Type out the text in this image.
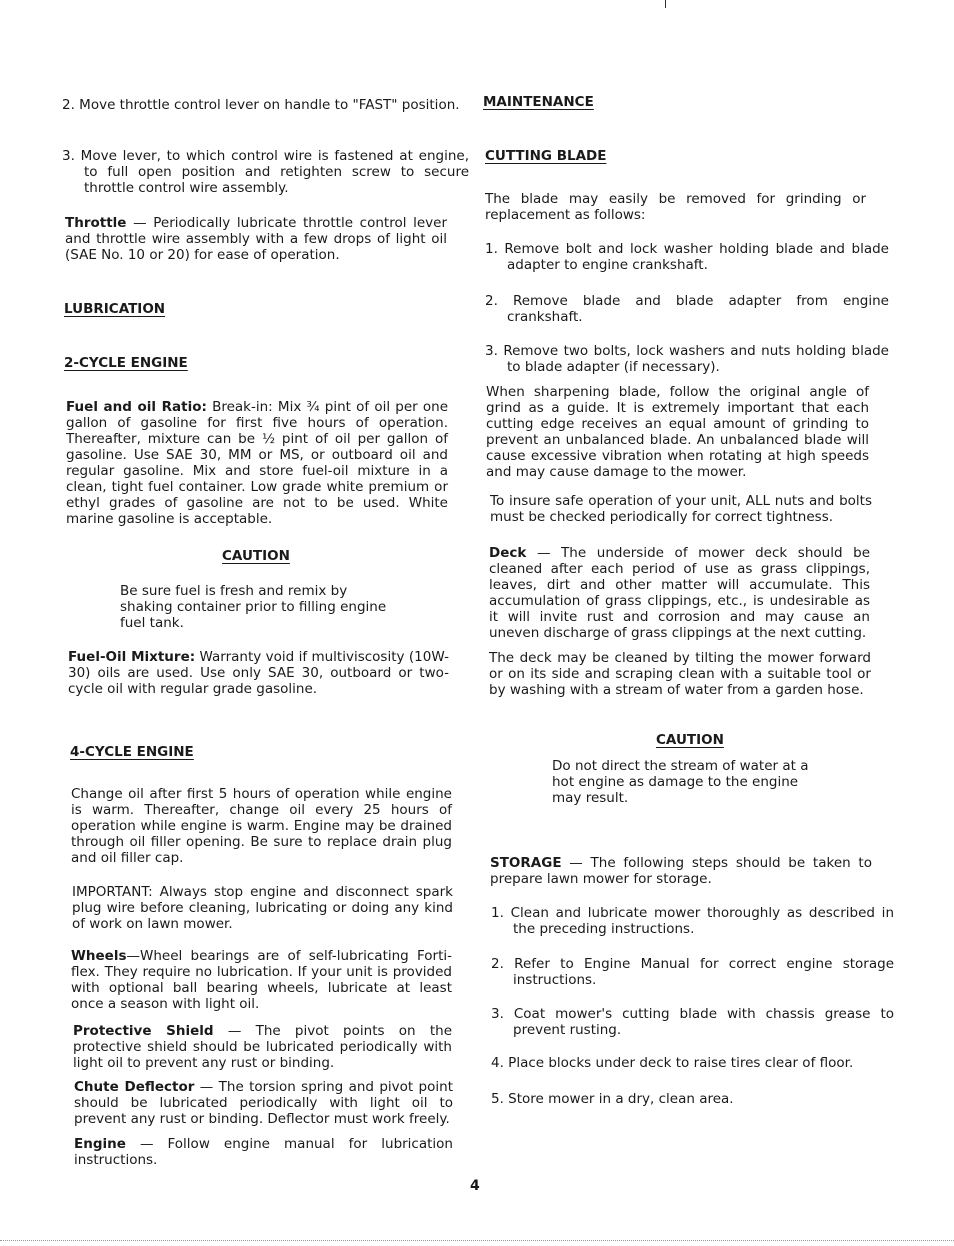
2. Move throttle control lever on handle to "FAST" position.
3. Move lever, to which control wire is fastened at engine, to full open position and retighten screw to secure throttle control wire assembly.
Throttle — Periodically lubricate throttle control lever and throttle wire assembly with a few drops of light oil (SAE No. 10 or 20) for ease of operation.
LUBRICATION
2-CYCLE ENGINE
Fuel and oil Ratio: Break-in: Mix ¾ pint of oil per one gallon of gasoline for first five hours of operation. Thereafter, mixture can be ½ pint of oil per gallon of gasoline. Use SAE 30, MM or MS, or outboard oil and regular gasoline. Mix and store fuel-oil mixture in a clean, tight fuel container. Low grade white premium or ethyl grades of gasoline are not to be used. White marine gasoline is acceptable.
CAUTION
Be sure fuel is fresh and remix by shaking container prior to filling engine fuel tank.
Fuel-Oil Mixture: Warranty void if multiviscosity (10W-30) oils are used. Use only SAE 30, outboard or two-cycle oil with regular grade gasoline.
4-CYCLE ENGINE
Change oil after first 5 hours of operation while engine is warm. Thereafter, change oil every 25 hours of operation while engine is warm. Engine may be drained through oil filler opening. Be sure to replace drain plug and oil filler cap.
IMPORTANT: Always stop engine and disconnect spark plug wire before cleaning, lubricating or doing any kind of work on lawn mower.
Wheels—Wheel bearings are of self-lubricating Forti-flex. They require no lubrication. If your unit is provided with optional ball bearing wheels, lubricate at least once a season with light oil.
Protective Shield — The pivot points on the protective shield should be lubricated periodically with light oil to prevent any rust or binding.
Chute Deflector — The torsion spring and pivot point should be lubricated periodically with light oil to prevent any rust or binding. Deflector must work freely.
Engine — Follow engine manual for lubrication instructions.
MAINTENANCE
CUTTING BLADE
The blade may easily be removed for grinding or replacement as follows:
1. Remove bolt and lock washer holding blade and blade adapter to engine crankshaft.
2. Remove blade and blade adapter from engine crankshaft.
3. Remove two bolts, lock washers and nuts holding blade to blade adapter (if necessary).
When sharpening blade, follow the original angle of grind as a guide. It is extremely important that each cutting edge receives an equal amount of grinding to prevent an unbalanced blade. An unbalanced blade will cause excessive vibration when rotating at high speeds and may cause damage to the mower.
To insure safe operation of your unit, ALL nuts and bolts must be checked periodically for correct tightness.
Deck — The underside of mower deck should be cleaned after each period of use as grass clippings, leaves, dirt and other matter will accumulate. This accumulation of grass clippings, etc., is undesirable as it will invite rust and corrosion and may cause an uneven discharge of grass clippings at the next cutting.
The deck may be cleaned by tilting the mower forward or on its side and scraping clean with a suitable tool or by washing with a stream of water from a garden hose.
CAUTION
Do not direct the stream of water at a hot engine as damage to the engine may result.
STORAGE — The following steps should be taken to prepare lawn mower for storage.
1. Clean and lubricate mower thoroughly as described in the preceding instructions.
2. Refer to Engine Manual for correct engine storage instructions.
3. Coat mower's cutting blade with chassis grease to prevent rusting.
4. Place blocks under deck to raise tires clear of floor.
5. Store mower in a dry, clean area.
4
